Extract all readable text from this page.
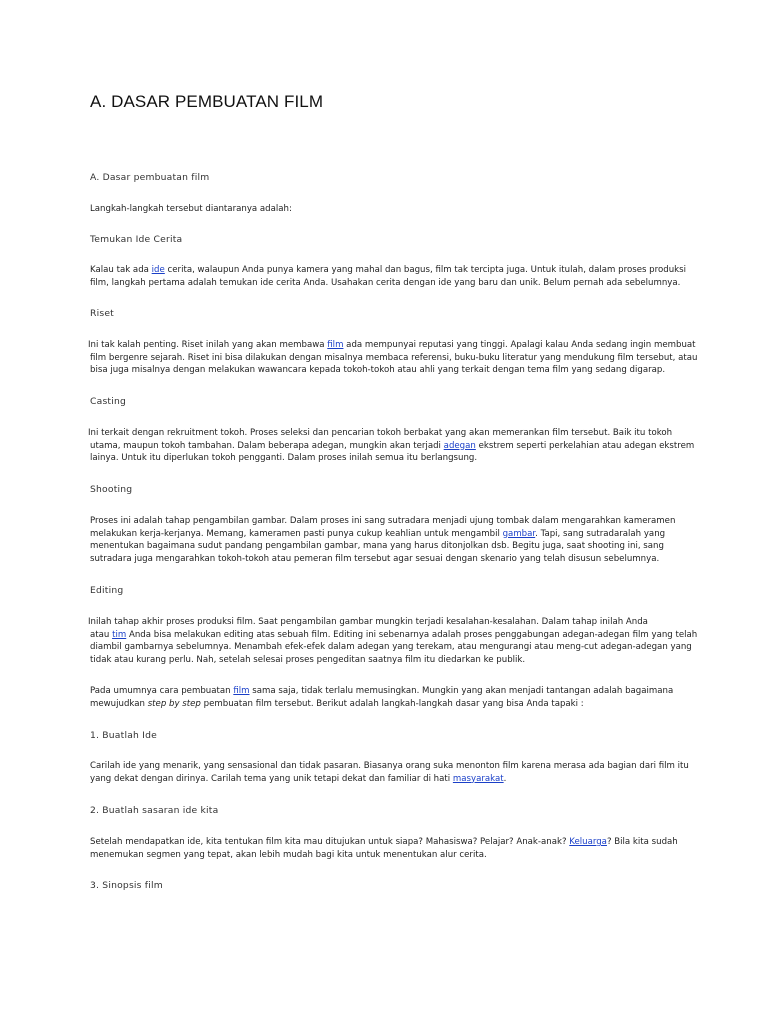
A. DASAR PEMBUATAN FILM
A. Dasar pembuatan film
Langkah-langkah tersebut diantaranya adalah:
Temukan Ide Cerita
Kalau tak ada ide cerita, walaupun Anda punya kamera yang mahal dan bagus, film tak tercipta juga. Untuk itulah, dalam proses produksi
film, langkah pertama adalah temukan ide cerita Anda. Usahakan cerita dengan ide yang baru dan unik. Belum pernah ada sebelumnya.
Riset
Ini tak kalah penting. Riset inilah yang akan membawa film ada mempunyai reputasi yang tinggi. Apalagi kalau Anda sedang ingin membuat
film bergenre sejarah. Riset ini bisa dilakukan dengan misalnya membaca referensi, buku-buku literatur yang mendukung film tersebut, atau
bisa juga misalnya dengan melakukan wawancara kepada tokoh-tokoh atau ahli yang terkait dengan tema film yang sedang digarap.
Casting
Ini terkait dengan rekruitment tokoh. Proses seleksi dan pencarian tokoh berbakat yang akan memerankan film tersebut. Baik itu tokoh
utama, maupun tokoh tambahan. Dalam beberapa adegan, mungkin akan terjadi adegan ekstrem seperti perkelahian atau adegan ekstrem
lainya. Untuk itu diperlukan tokoh pengganti. Dalam proses inilah semua itu berlangsung.
Shooting
Proses ini adalah tahap pengambilan gambar. Dalam proses ini sang sutradara menjadi ujung tombak dalam mengarahkan kameramen
melakukan kerja-kerjanya. Memang, kameramen pasti punya cukup keahlian untuk mengambil gambar. Tapi, sang sutradaralah yang
menentukan bagaimana sudut pandang pengambilan gambar, mana yang harus ditonjolkan dsb. Begitu juga, saat shooting ini, sang
sutradara juga mengarahkan tokoh-tokoh atau pemeran film tersebut agar sesuai dengan skenario yang telah disusun sebelumnya.
Editing
Inilah tahap akhir proses produksi film. Saat pengambilan gambar mungkin terjadi kesalahan-kesalahan. Dalam tahap inilah Anda
atau tim Anda bisa melakukan editing atas sebuah film. Editing ini sebenarnya adalah proses penggabungan adegan-adegan film yang telah
diambil gambarnya sebelumnya. Menambah efek-efek dalam adegan yang terekam, atau mengurangi atau meng-cut adegan-adegan yang
tidak atau kurang perlu. Nah, setelah selesai proses pengeditan saatnya film itu diedarkan ke publik.
Pada umumnya cara pembuatan film sama saja, tidak terlalu memusingkan. Mungkin yang akan menjadi tantangan adalah bagaimana
mewujudkan step by step pembuatan film tersebut. Berikut adalah langkah-langkah dasar yang bisa Anda tapaki :
1. Buatlah Ide
Carilah ide yang menarik, yang sensasional dan tidak pasaran. Biasanya orang suka menonton film karena merasa ada bagian dari film itu
yang dekat dengan dirinya. Carilah tema yang unik tetapi dekat dan familiar di hati masyarakat.
2. Buatlah sasaran ide kita
Setelah mendapatkan ide, kita tentukan film kita mau ditujukan untuk siapa? Mahasiswa? Pelajar? Anak-anak? Keluarga? Bila kita sudah
menemukan segmen yang tepat, akan lebih mudah bagi kita untuk menentukan alur cerita.
3. Sinopsis film
